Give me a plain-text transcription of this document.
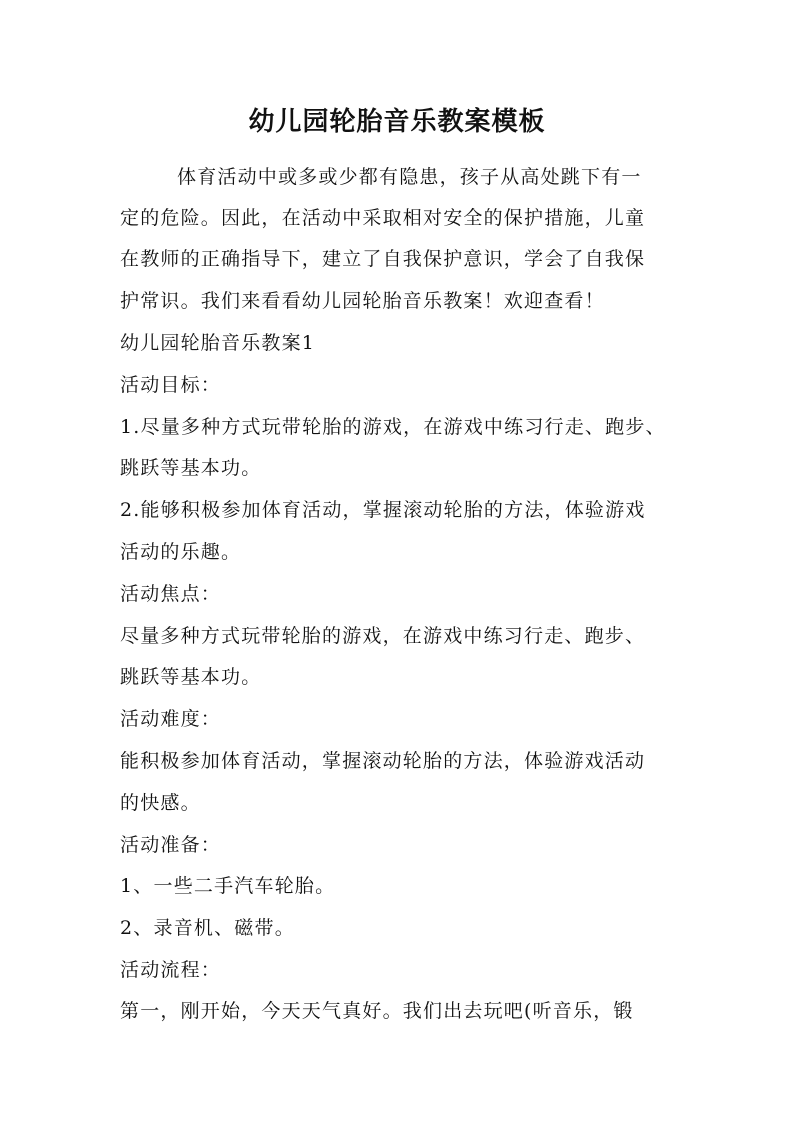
幼儿园轮胎音乐教案模板
体育活动中或多或少都有隐患，孩子从高处跳下有一
定的危险。因此，在活动中采取相对安全的保护措施，儿童
在教师的正确指导下，建立了自我保护意识，学会了自我保
护常识。我们来看看幼儿园轮胎音乐教案！欢迎查看！
幼儿园轮胎音乐教案1
活动目标：
1.尽量多种方式玩带轮胎的游戏，在游戏中练习行走、跑步、
跳跃等基本功。
2.能够积极参加体育活动，掌握滚动轮胎的方法，体验游戏
活动的乐趣。
活动焦点：
尽量多种方式玩带轮胎的游戏，在游戏中练习行走、跑步、
跳跃等基本功。
活动难度：
能积极参加体育活动，掌握滚动轮胎的方法，体验游戏活动
的快感。
活动准备：
1、一些二手汽车轮胎。
2、录音机、磁带。
活动流程：
第一，刚开始，今天天气真好。我们出去玩吧(听音乐，锻
